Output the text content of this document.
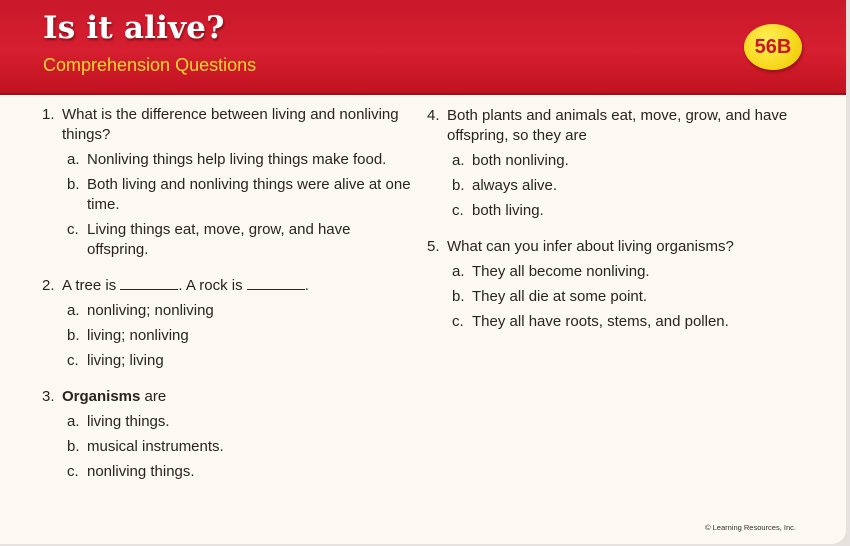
Is it alive?
Comprehension Questions
56B
1. What is the difference between living and nonliving things?
a. Nonliving things help living things make food.
b. Both living and nonliving things were alive at one time.
c. Living things eat, move, grow, and have offspring.
2. A tree is	. A rock is	.
a. nonliving; nonliving
b. living; nonliving
c. living; living
3. Organisms are
a. living things.
b. musical instruments.
c. nonliving things.
4. Both plants and animals eat, move, grow, and have offspring, so they are
a. both nonliving.
b. always alive.
c. both living.
5. What can you infer about living organisms?
a. They all become nonliving.
b. They all die at some point.
c. They all have roots, stems, and pollen.
© Learning Resources, Inc.
